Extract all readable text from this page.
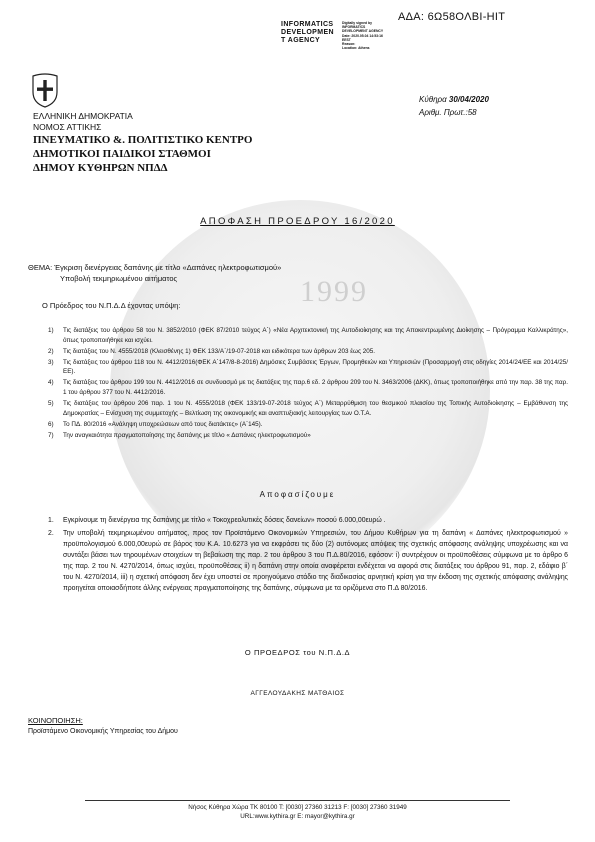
1999
ΑΔΑ: 6Ω58ΟΛΒΙ-ΗΙΤ
INFORMATICS
DEVELOPMEN
T AGENCY
Digitally signed by
INFORMATICS
DEVELOPMENT AGENCY
Date: 2020.05.04 14:53:16
EEST
Reason:
Location: Athens
ΕΛΛΗΝΙΚΗ ΔΗΜΟΚΡΑΤΙΑ
ΝΟΜΟΣ ΑΤΤΙΚΗΣ
ΠΝΕΥΜΑΤΙΚΟ &. ΠΟΛΙΤΙΣΤΙΚΟ ΚΕΝΤΡΟ
ΔΗΜΟΤΙΚΟΙ ΠΑΙΔΙΚΟΙ ΣΤΑΘΜΟΙ
ΔΗΜΟΥ ΚΥΘΗΡΩΝ ΝΠΔΔ
Κύθηρα 30/04/2020
Αριθμ. Πρωτ.:58
ΑΠΟΦΑΣΗ ΠΡΟΕΔΡΟΥ 16/2020
ΘΕΜΑ: Έγκριση διενέργειας δαπάνης με τίτλο «Δαπάνες ηλεκτροφωτισμού»
Υποβολή τεκμηριωμένου αιτήματος
Ο Πρόεδρος του Ν.Π.Δ.Δ έχοντας υπόψη:
1) Τις διατάξεις του άρθρου 58 του Ν. 3852/2010 (ΦΕΚ 87/2010 τεύχος Α΄) «Νέα Αρχιτεκτονική της Αυτοδιοίκησης και της Αποκεντρωμένης Διοίκησης – Πρόγραμμα Καλλικράτης», όπως τροποποιήθηκε και ισχύει.
2) Τις διατάξεις του Ν. 4555/2018 (Κλεισθένης 1) ΦΕΚ 133/Α΄/19-07-2018 και ειδικότερα των άρθρων 203 έως 205.
3) Τις διατάξεις του άρθρου 118 του Ν. 4412/2016(ΦΕΚ Α΄147/8-8-2016) Δημόσιες Συμβάσεις Έργων, Προμηθειών και Υπηρεσιών (Προσαρμογή στις οδηγίες 2014/24/ΕΕ και 2014/25/ΕΕ).
4) Τις διατάξεις του άρθρου 199 του Ν. 4412/2016 σε συνδυασμό με τις διατάξεις της παρ.6 εδ. 2 άρθρου 209 του Ν. 3463/2006 (ΔΚΚ), όπως τροποποιήθηκε από την παρ. 38 της παρ. 1 του άρθρου 377 του Ν. 4412/2016.
5) Τις διατάξεις του άρθρου 206 παρ. 1 του Ν. 4555/2018 (ΦΕΚ 133/19-07-2018 τεύχος Α΄) Μεταρρύθμιση του θεσμικού πλαισίου της Τοπικής Αυτοδιοίκησης – Εμβάθυνση της Δημοκρατίας – Ενίσχυση της συμμετοχής – Βελτίωση της οικονομικής και αναπτυξιακής λειτουργίας των Ο.Τ.Α.
6) Το ΠΔ. 80/2016 «Ανάληψη υποχρεώσεων από τους διατάκτες» (Α΄145).
7) Την αναγκαιότητα πραγματοποίησης της δαπάνης με τίτλο « Δαπάνες ηλεκτροφωτισμού»
Αποφασίζουμε
1. Εγκρίνουμε τη διενέργεια της δαπάνης με τίτλο « Τοκοχρεολυτικές δόσεις δανείων» ποσού 6.000,00ευρώ .
2. Την υποβολή τεκμηριωμένου αιτήματος, προς τον Προϊστάμενο Οικονομικών Υπηρεσιών, του Δήμου Κυθήρων για τη δαπάνη « Δαπάνες ηλεκτροφωτισμού » προϋπολογισμού 6.000,00ευρώ σε βάρος του Κ.Α. 10.6273 για να εκφράσει τις δύο (2) αυτόνομες απόψεις της σχετικής απόφασης ανάληψης υποχρέωσης και να συντάξει βάσει των τηρουμένων στοιχείων τη βεβαίωση της παρ. 2 του άρθρου 3 του Π.Δ.80/2016, εφόσον: i) συντρέχουν οι προϋποθέσεις σύμφωνα με το άρθρο 6 της παρ. 2 του Ν. 4270/2014, όπως ισχύει, προϋποθέσεις ii) η δαπάνη στην οποία αναφέρεται ενδέχεται να αφορά στις διατάξεις του άρθρου 91, παρ. 2, εδάφιο β΄ του Ν. 4270/2014, iii) η σχετική απόφαση δεν έχει υποστεί σε προηγούμενο στάδιο της διαδικασίας αρνητική κρίση για την έκδοση της σχετικής απόφασης ανάληψης προηγείται οποιασδήποτε άλλης ενέργειας πραγματοποίησης της δαπάνης, σύμφωνα με τα οριζόμενα στο Π.Δ 80/2016.
Ο ΠΡΟΕΔΡΟΣ του Ν.Π.Δ.Δ
ΑΓΓΕΛΟΥΔΑΚΗΣ ΜΑΤΘΑΙΟΣ
ΚΟΙΝΟΠΟΙΗΣΗ:
Προϊστάμενο Οικονομικής Υπηρεσίας του Δήμου
Νήσος Κύθηρα Χώρα ΤΚ 80100 Τ: [0030] 27360 31213 F: [0030] 27360 31949
URL:www.kythira.gr E: mayor@kythira.gr
